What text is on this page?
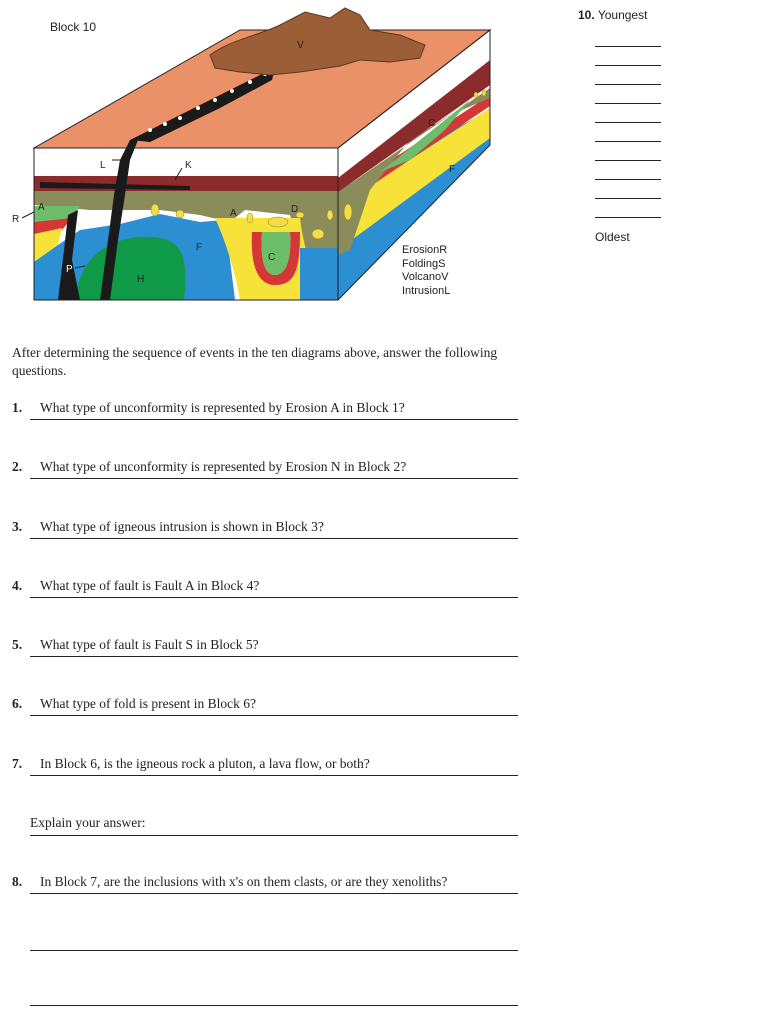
Block 10
V
L	K
R
A
A	D
C
F
F
C
P
H
ErosionR
FoldingS
VolcanoV
IntrusionL
10. Youngest
Oldest
After determining the sequence of events in the ten diagrams above, answer the following questions.
1. What type of unconformity is represented by Erosion A in Block 1?
2. What type of unconformity is represented by Erosion N in Block 2?
3. What type of igneous intrusion is shown in Block 3?
4. What type of fault is Fault A in Block 4?
5. What type of fault is Fault S in Block 5?
6. What type of fold is present in Block 6?
7. In Block 6, is the igneous rock a pluton, a lava flow, or both?
Explain your answer:
8. In Block 7, are the inclusions with x's on them clasts, or are they xenoliths?
